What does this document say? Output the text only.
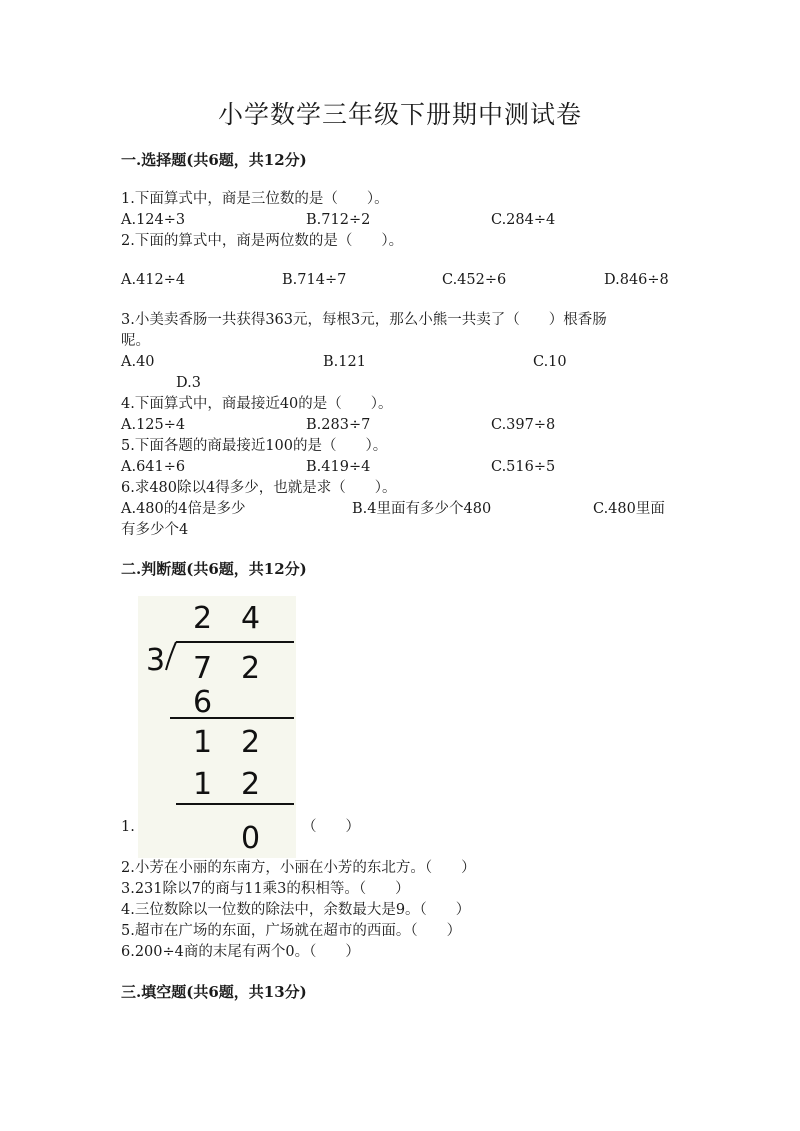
小学数学三年级下册期中测试卷
一.选择题(共6题，共12分)
1.下面算式中，商是三位数的是（　　）。
A.124÷3	B.712÷2	C.284÷4
2.下面的算式中，商是两位数的是（　　）。
A.412÷4	B.714÷7	C.452÷6	D.846÷8
3.小美卖香肠一共获得363元，每根3元，那么小熊一共卖了（　　）根香肠
呢。
A.40	B.121	C.10
D.3
4.下面算式中，商最接近40的是（　　）。
A.125÷4	B.283÷7	C.397÷8
5.下面各题的商最接近100的是（　　）。
A.641÷6	B.419÷4	C.516÷5
6.求480除以4得多少，也就是求（　　）。
A.480的4倍是多少	B.4里面有多少个480	C.480里面
有多少个4
二.判断题(共6题，共12分)
2 4
3 7 2
6
1 2
1 2
0
1.	（　　）
2.小芳在小丽的东南方，小丽在小芳的东北方。（　　）
3.231除以7的商与11乘3的积相等。（　　）
4.三位数除以一位数的除法中，余数最大是9。（　　）
5.超市在广场的东面，广场就在超市的西面。（　　）
6.200÷4商的末尾有两个0。（　　）
三.填空题(共6题，共13分)
